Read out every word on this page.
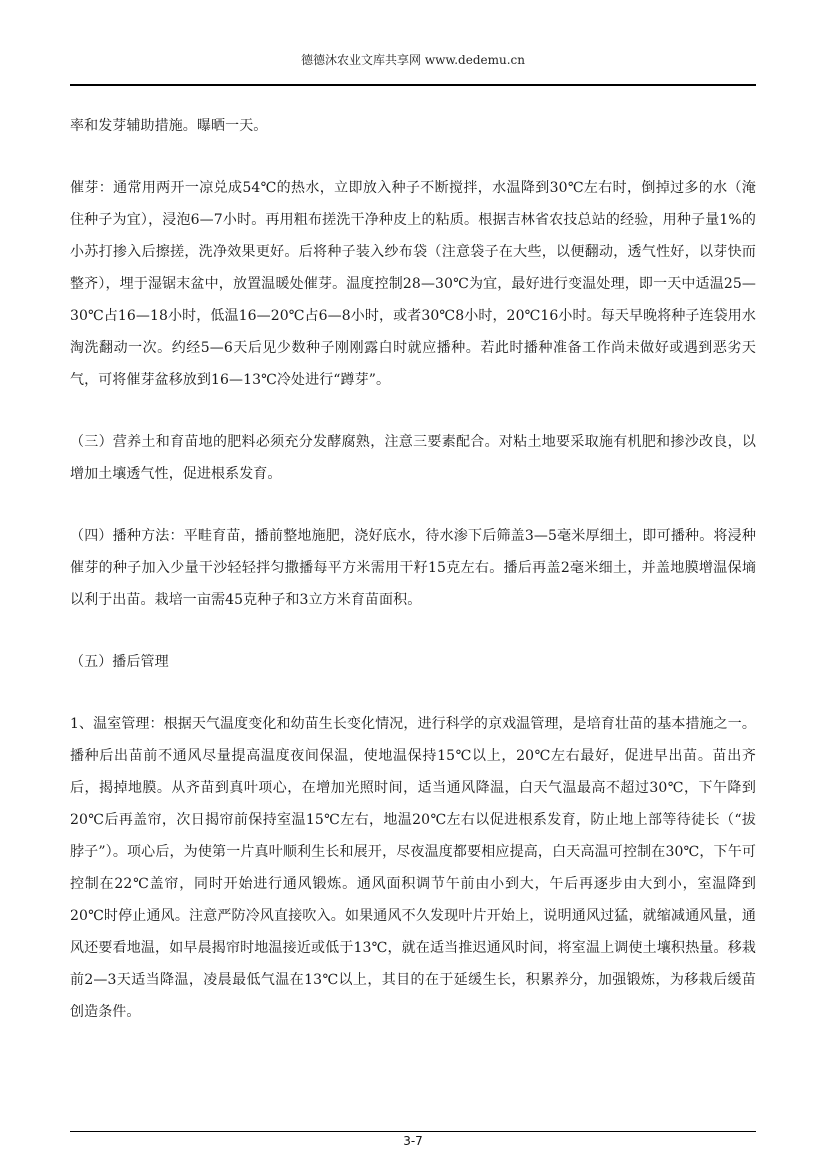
德德沐农业文库共享网 www.dedemu.cn

率和发芽辅助措施。曝晒一天。

催芽：通常用两开一凉兑成54℃的热水，立即放入种子不断搅拌，水温降到30℃左右时，倒掉过多的水（淹住种子为宜），浸泡6—7小时。再用粗布搓洗干净种皮上的粘质。根据吉林省农技总站的经验，用种子量1%的小苏打掺入后擦搓，洗净效果更好。后将种子装入纱布袋（注意袋子在大些，以便翻动，透气性好，以芽快而整齐），埋于湿锯末盆中，放置温暖处催芽。温度控制28—30℃为宜，最好进行变温处理，即一天中适温25—30℃占16—18小时，低温16—20℃占6—8小时，或者30℃8小时，20℃16小时。每天早晚将种子连袋用水淘洗翻动一次。约经5—6天后见少数种子刚刚露白时就应播种。若此时播种准备工作尚未做好或遇到恶劣天气，可将催芽盆移放到16—13℃冷处进行“蹲芽”。

（三）营养土和育苗地的肥料必须充分发酵腐熟，注意三要素配合。对粘土地要采取施有机肥和掺沙改良，以增加土壤透气性，促进根系发育。

（四）播种方法：平畦育苗，播前整地施肥，浇好底水，待水渗下后筛盖3—5毫米厚细土，即可播种。将浸种催芽的种子加入少量干沙轻轻拌匀撒播每平方米需用干籽15克左右。播后再盖2毫米细土，并盖地膜增温保墒以利于出苗。栽培一亩需45克种子和3立方米育苗面积。

（五）播后管理

1、温室管理：根据天气温度变化和幼苗生长变化情况，进行科学的京戏温管理，是培育壮苗的基本措施之一。播种后出苗前不通风尽量提高温度夜间保温，使地温保持15℃以上，20℃左右最好，促进早出苗。苗出齐后，揭掉地膜。从齐苗到真叶项心，在增加光照时间，适当通风降温，白天气温最高不超过30℃，下午降到20℃后再盖帘，次日揭帘前保持室温15℃左右，地温20℃左右以促进根系发育，防止地上部等待徒长（“拔脖子”）。项心后，为使第一片真叶顺利生长和展开，尽夜温度都要相应提高，白天高温可控制在30℃，下午可控制在22℃盖帘，同时开始进行通风锻炼。通风面积调节午前由小到大，午后再逐步由大到小，室温降到20℃时停止通风。注意严防冷风直接吹入。如果通风不久发现叶片开始上，说明通风过猛，就缩减通风量，通风还要看地温，如早晨揭帘时地温接近或低于13℃，就在适当推迟通风时间，将室温上调使土壤积热量。移栽前2—3天适当降温，凌晨最低气温在13℃以上，其目的在于延缓生长，积累养分，加强锻炼，为移栽后缓苗创造条件。

3-7
